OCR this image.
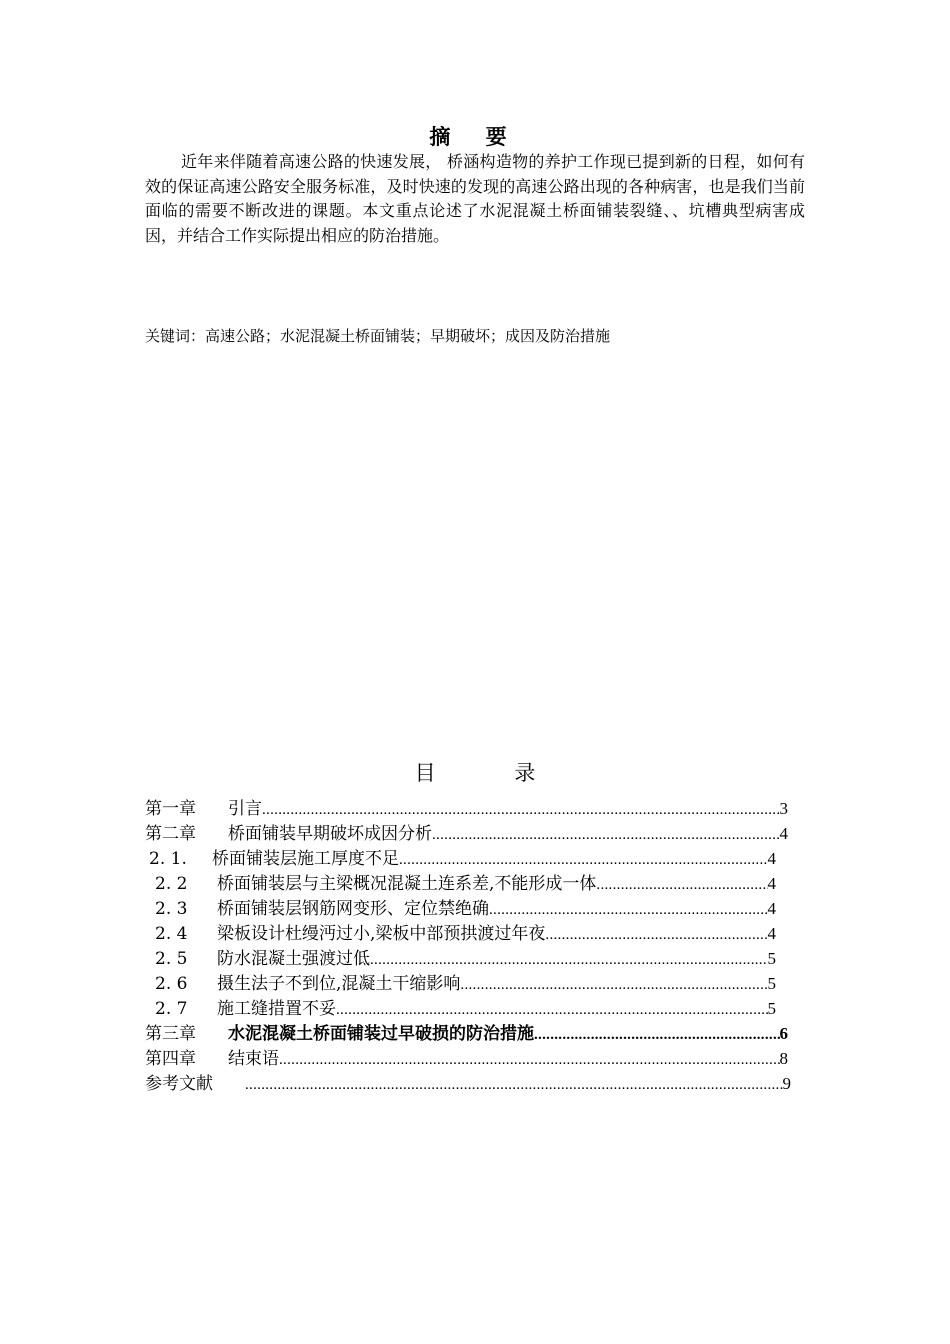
摘 要
近年来伴随着高速公路的快速发展， 桥涵构造物的养护工作现已提到新的日程，如何有效的保证高速公路安全服务标准，及时快速的发现的高速公路出现的各种病害，也是我们当前面临的需要不断改进的课题。本文重点论述了水泥混凝土桥面铺装裂缝、、坑槽典型病害成因，并结合工作实际提出相应的防治措施。
关键词：高速公路；水泥混凝土桥面铺装；早期破坏；成因及防治措施
目 录
第一章	引言 .....	3
第二章	桥面铺装早期破坏成因分析 .....	4
2. 1.	桥面铺装层施工厚度不足 .....	4
2. 2	桥面铺装层与主梁概况混凝土连系差,不能形成一体 .....	4
2. 3	桥面铺装层钢筋网变形、定位禁绝确 .....	4
2. 4	梁板设计杜缦沔过小,梁板中部预拱渡过年夜 .....	4
2. 5	防水混凝土强渡过低 .....	5
2. 6	摄生法子不到位,混凝土干缩影响 .....	5
2. 7	施工缝措置不妥 .....	5
第三章	水泥混凝土桥面铺装过早破损的防治措施 .....	6
第四章	结束语 .....	8
参考文献 .....	9
